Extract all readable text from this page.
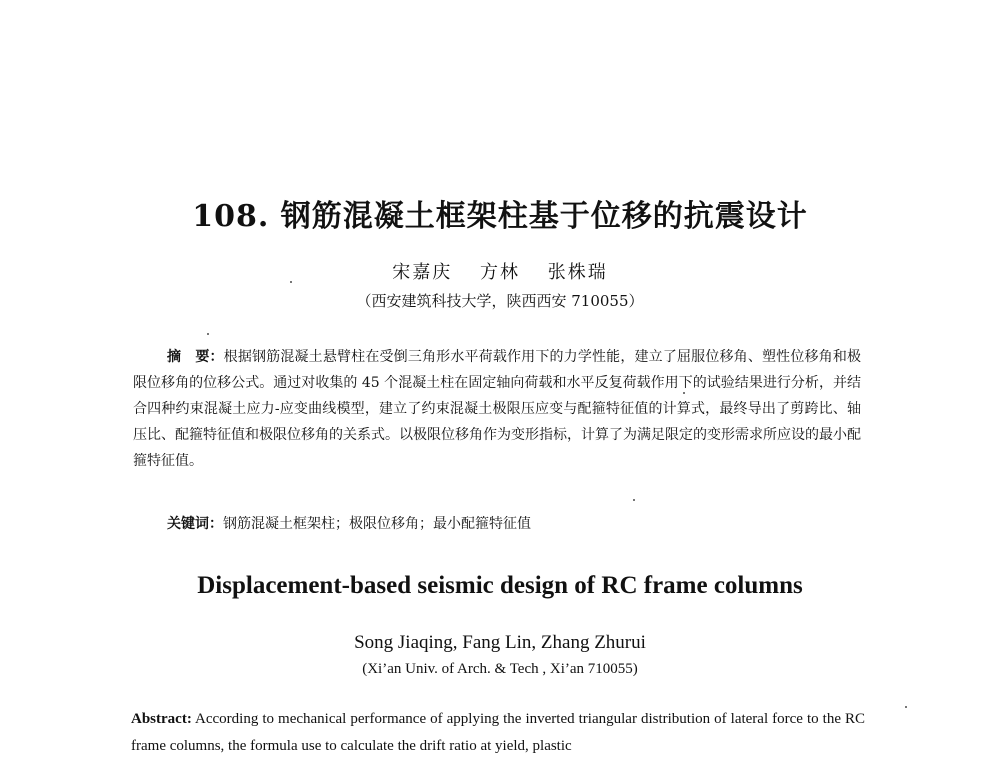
108. 钢筋混凝土框架柱基于位移的抗震设计
宋嘉庆 方林 张株瑞
（西安建筑科技大学，陕西西安 710055）

摘　要：根据钢筋混凝土悬臂柱在受倒三角形水平荷载作用下的力学性能，建立了屈服位移角、塑性位移角和极限位移角的位移公式。通过对收集的 45 个混凝土柱在固定轴向荷载和水平反复荷载作用下的试验结果进行分析，并结合四种约束混凝土应力-应变曲线模型，建立了约束混凝土极限压应变与配箍特征值的计算式，最终导出了剪跨比、轴压比、配箍特征值和极限位移角的关系式。以极限位移角作为变形指标，计算了为满足限定的变形需求所应设的最小配箍特征值。

关键词：钢筋混凝土框架柱；极限位移角；最小配箍特征值
Displacement-based seismic design of RC frame columns
Song Jiaqing, Fang Lin, Zhang Zhurui
(Xi’an Univ. of Arch. & Tech , Xi’an 710055)

Abstract: According to mechanical performance of applying the inverted triangular distribution of lateral force to the RC frame columns, the formula use to calculate the drift ratio at yield, plastic
